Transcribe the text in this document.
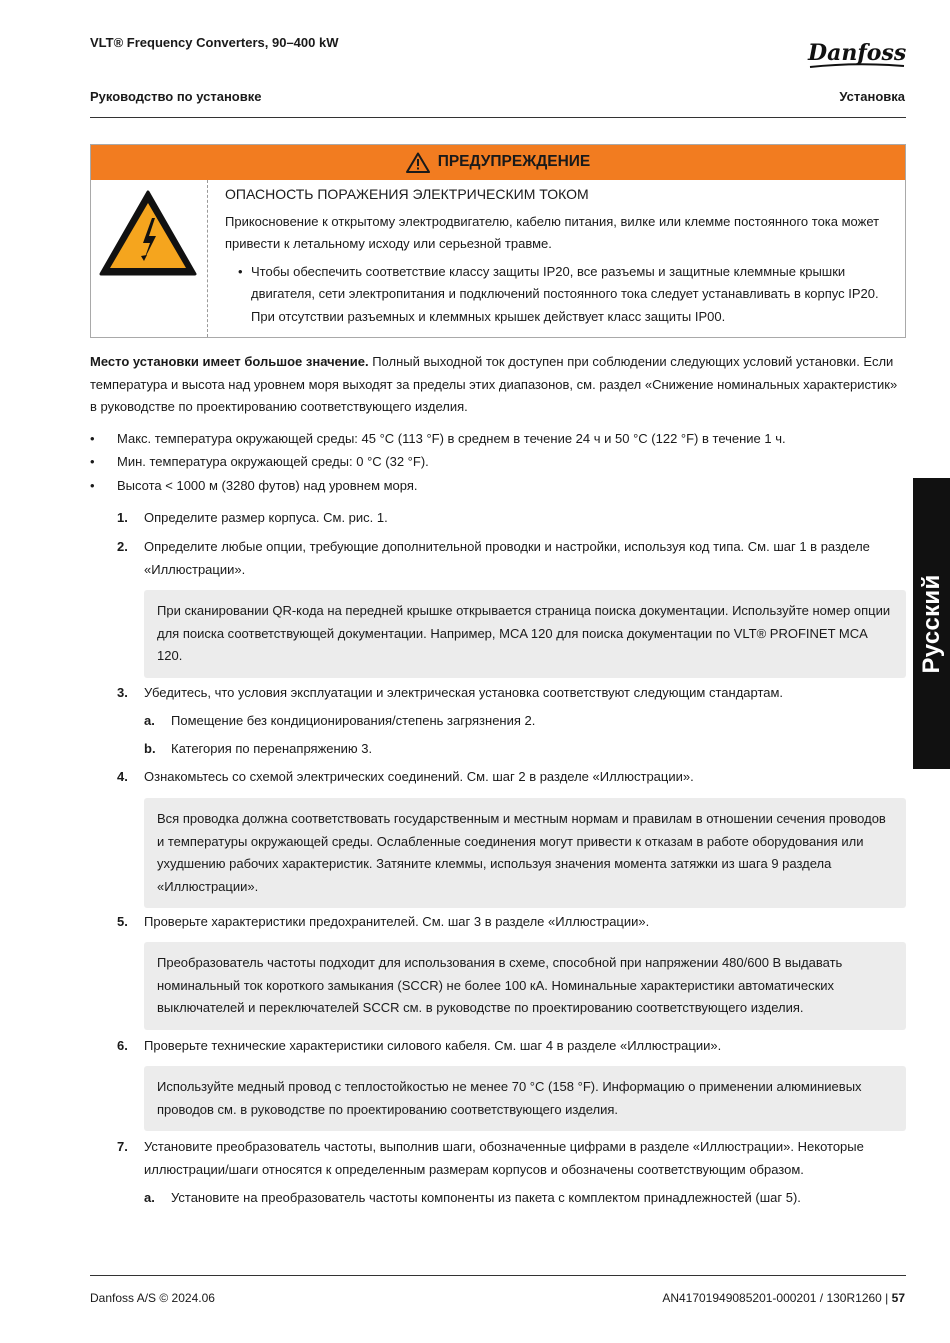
VLT® Frequency Converters, 90–400 kW	Danfoss
Руководство по установке	Установка
ПРЕДУПРЕЖДЕНИЕ
ОПАСНОСТЬ ПОРАЖЕНИЯ ЭЛЕКТРИЧЕСКИМ ТОКОМ

Прикосновение к открытому электродвигателю, кабелю питания, вилке или клемме постоянного тока может привести к летальному исходу или серьезной травме.

• Чтобы обеспечить соответствие классу защиты IP20, все разъемы и защитные клеммные крышки двигателя, сети электропитания и подключений постоянного тока следует устанавливать в корпус IP20. При отсутствии разъемных и клеммных крышек действует класс защиты IP00.
Место установки имеет большое значение. Полный выходной ток доступен при соблюдении следующих условий установки. Если температура и высота над уровнем моря выходят за пределы этих диапазонов, см. раздел «Снижение номинальных характеристик» в руководстве по проектированию соответствующего изделия.
•	Макс. температура окружающей среды: 45 °C (113 °F) в среднем в течение 24 ч и 50 °C (122 °F) в течение 1 ч.
•	Мин. температура окружающей среды: 0 °C (32 °F).
•	Высота < 1000 м (3280 футов) над уровнем моря.
1.	Определите размер корпуса. См. рис. 1.
2.	Определите любые опции, требующие дополнительной проводки и настройки, используя код типа. См. шаг 1 в разделе «Иллюстрации».
При сканировании QR-кода на передней крышке открывается страница поиска документации. Используйте номер опции для поиска соответствующей документации. Например, MCA 120 для поиска документации по VLT® PROFINET MCA 120.
3.	Убедитесь, что условия эксплуатации и электрическая установка соответствуют следующим стандартам.
a.	Помещение без кондиционирования/степень загрязнения 2.
b.	Категория по перенапряжению 3.
4.	Ознакомьтесь со схемой электрических соединений. См. шаг 2 в разделе «Иллюстрации».
Вся проводка должна соответствовать государственным и местным нормам и правилам в отношении сечения проводов и температуры окружающей среды. Ослабленные соединения могут привести к отказам в работе оборудования или ухудшению рабочих характеристик. Затяните клеммы, используя значения момента затяжки из шага 9 раздела «Иллюстрации».
5.	Проверьте характеристики предохранителей. См. шаг 3 в разделе «Иллюстрации».
Преобразователь частоты подходит для использования в схеме, способной при напряжении 480/600 В выдавать номинальный ток короткого замыкания (SCCR) не более 100 кА. Номинальные характеристики автоматических выключателей и переключателей SCCR см. в руководстве по проектированию соответствующего изделия.
6.	Проверьте технические характеристики силового кабеля. См. шаг 4 в разделе «Иллюстрации».
Используйте медный провод с теплостойкостью не менее 70 °C (158 °F). Информацию о применении алюминиевых проводов см. в руководстве по проектированию соответствующего изделия.
7.	Установите преобразователь частоты, выполнив шаги, обозначенные цифрами в разделе «Иллюстрации». Некоторые иллюстрации/шаги относятся к определенным размерам корпусов и обозначены соответствующим образом.
a.	Установите на преобразователь частоты компоненты из пакета с комплектом принадлежностей (шаг 5).
Русский
Danfoss A/S © 2024.06	AN41701949085201-000201 / 130R1260 | 57
